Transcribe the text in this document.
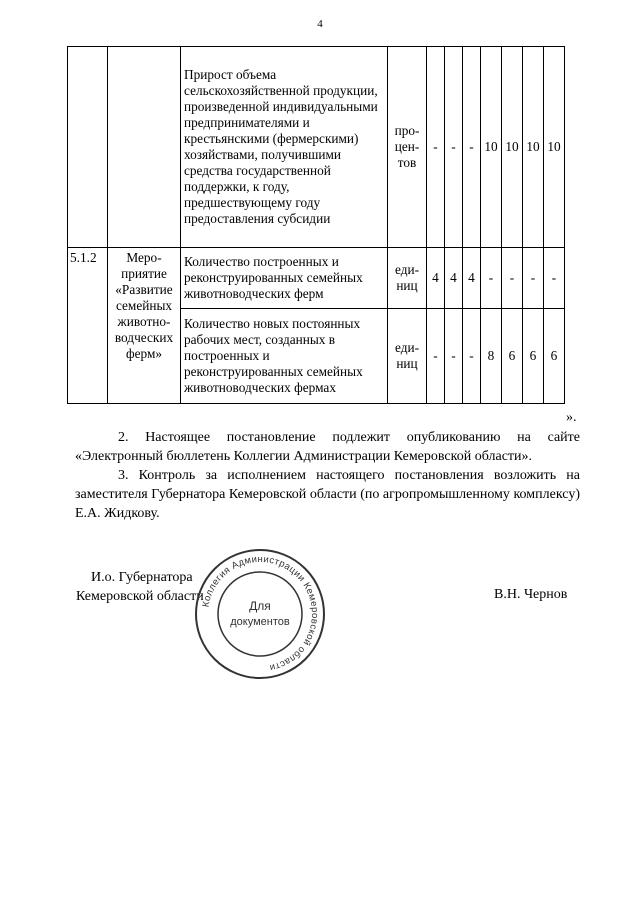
4
		Прирост объема сельскохозяйственной продукции, произведенной индивидуальными предпринимателями и крестьянскими (фермерскими) хозяйствами, получившими средства государственной поддержки, к году, предшествующему году предоставления субсидии	про-цен-тов	-	-	-	10	10	10	10
5.1.2	Меро-приятие «Развитие семейных животно-водческих ферм»	Количество построенных и реконструированных семейных животноводческих ферм	еди-ниц	4	4	4	-	-	-	-
		Количество новых постоянных рабочих мест, созданных в построенных и реконструированных семейных животноводческих фермах	еди-ниц	-	-	-	8	6	6	6
».

2. Настоящее постановление подлежит опубликованию на сайте «Электронный бюллетень Коллегии Администрации Кемеровской области».

3. Контроль за исполнением настоящего постановления возложить на заместителя Губернатора Кемеровской области (по агропромышленному комплексу) Е.А. Жидкову.

И.о. Губернатора
Кемеровской области
Коллегия Администрации Кемеровской области
Для
документов
В.Н. Чернов
